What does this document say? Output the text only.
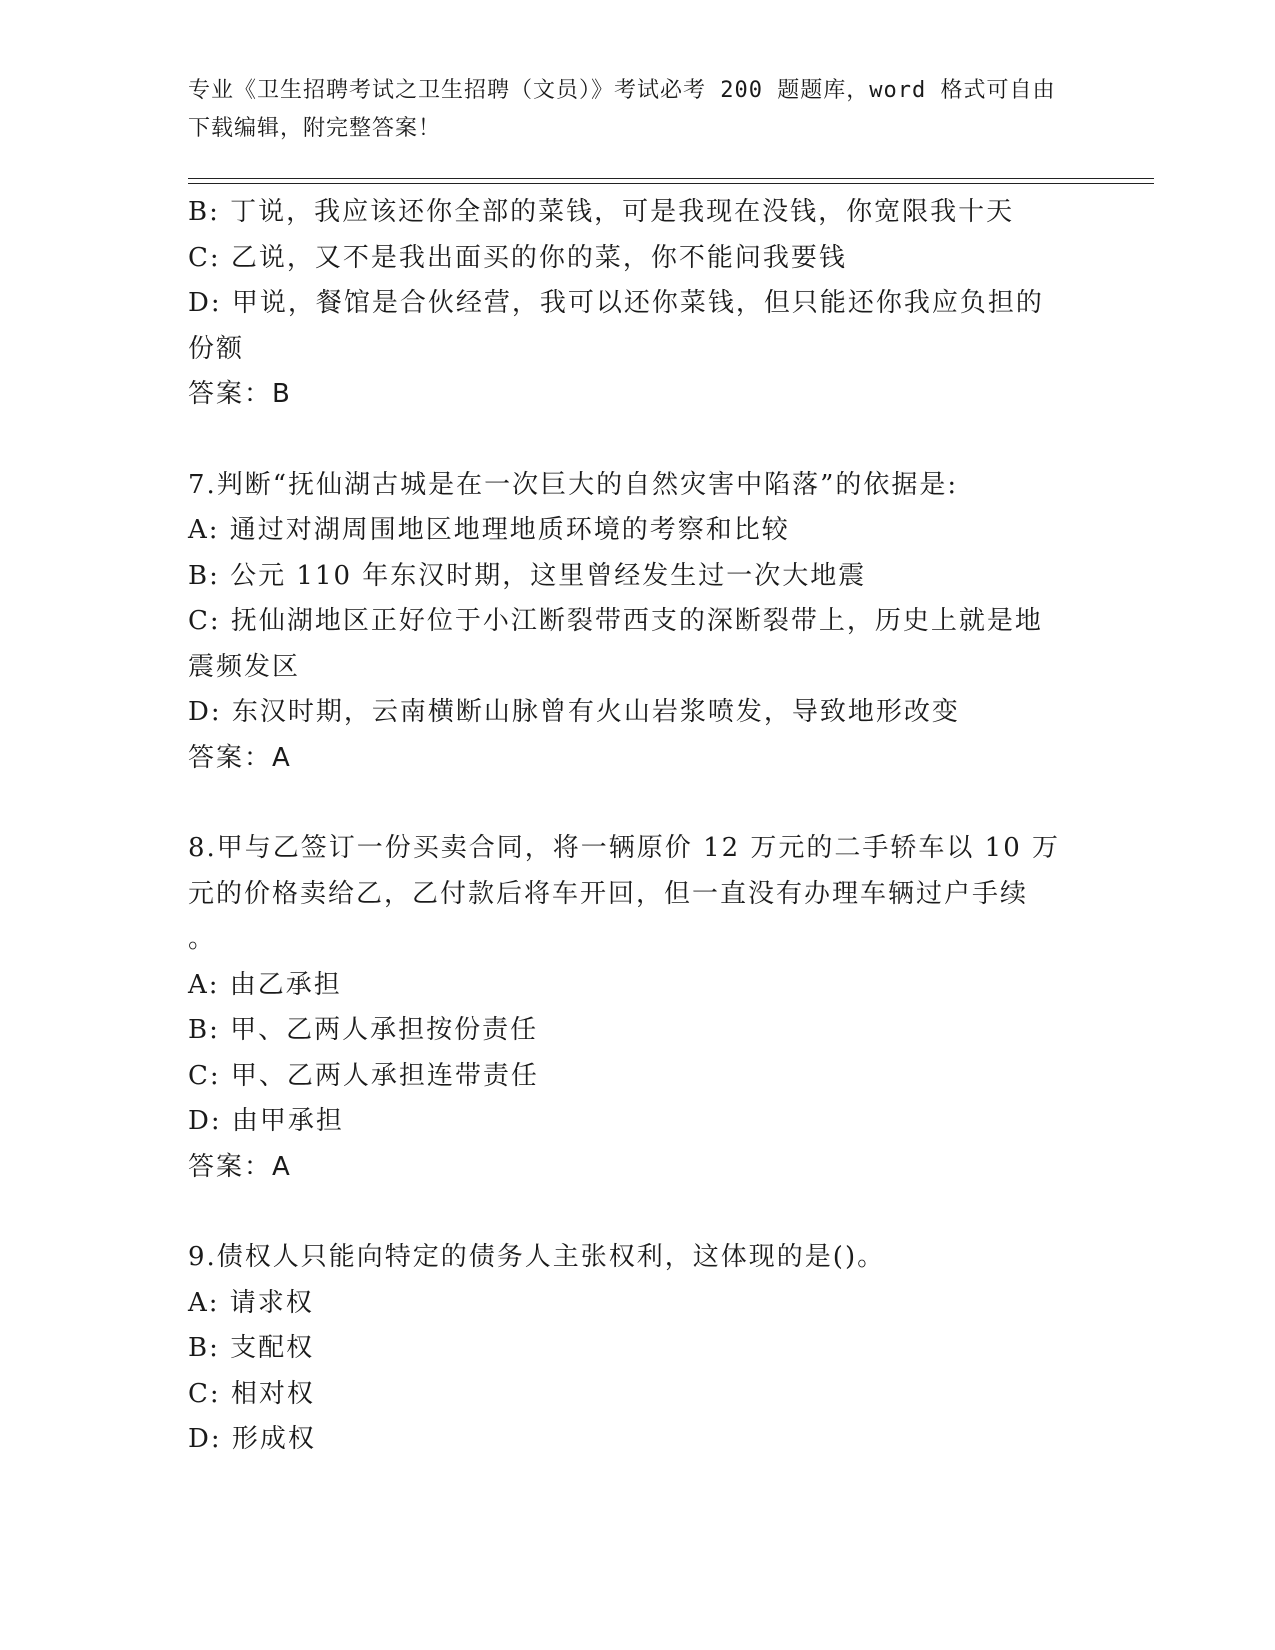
专业《卫生招聘考试之卫生招聘（文员）》考试必考 200 题题库，word 格式可自由下载编辑，附完整答案！
B: 丁说，我应该还你全部的菜钱，可是我现在没钱，你宽限我十天
C: 乙说，又不是我出面买的你的菜，你不能问我要钱
D: 甲说，餐馆是合伙经营，我可以还你菜钱，但只能还你我应负担的
份额
答案：B
7.判断“抚仙湖古城是在一次巨大的自然灾害中陷落”的依据是:
A: 通过对湖周围地区地理地质环境的考察和比较
B: 公元 110 年东汉时期，这里曾经发生过一次大地震
C: 抚仙湖地区正好位于小江断裂带西支的深断裂带上，历史上就是地
震频发区
D: 东汉时期，云南横断山脉曾有火山岩浆喷发，导致地形改变
答案：A
8.甲与乙签订一份买卖合同，将一辆原价 12 万元的二手轿车以 10 万
元的价格卖给乙，乙付款后将车开回，但一直没有办理车辆过户手续
。
A: 由乙承担
B: 甲、乙两人承担按份责任
C: 甲、乙两人承担连带责任
D: 由甲承担
答案：A
9.债权人只能向特定的债务人主张权利，这体现的是()。
A: 请求权
B: 支配权
C: 相对权
D: 形成权
